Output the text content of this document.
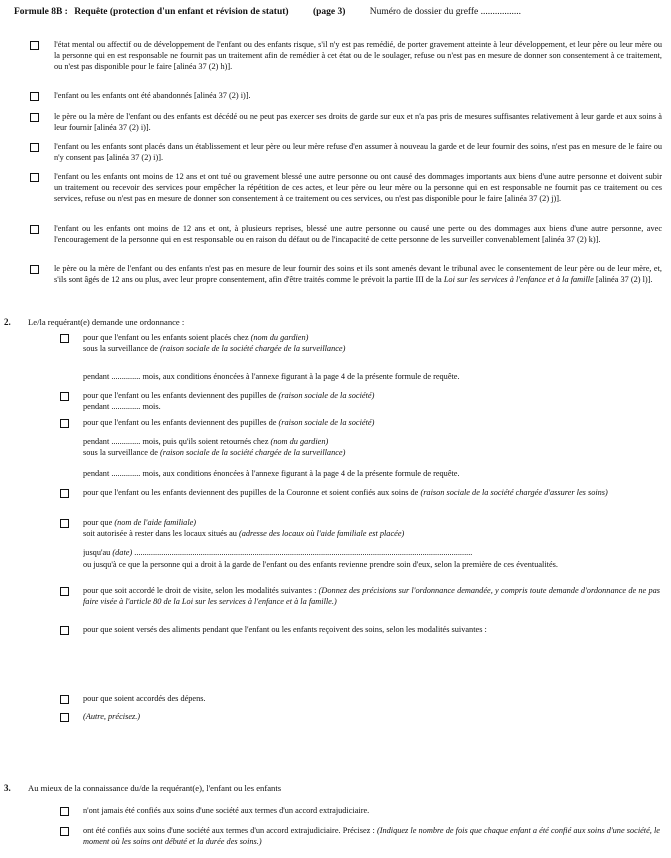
Formule 8B : Requête (protection d'un enfant et révision de statut)	(page 3)	Numéro de dossier du greffe .................
l'état mental ou affectif ou de développement de l'enfant ou des enfants risque, s'il n'y est pas remédié, de porter gravement atteinte à leur développement, et leur père ou leur mère ou la personne qui en est responsable ne fournit pas un traitement afin de remédier à cet état ou de le soulager, refuse ou n'est pas en mesure de donner son consentement à ce traitement, ou n'est pas disponible pour le faire [alinéa 37 (2) h)].
l'enfant ou les enfants ont été abandonnés [alinéa 37 (2) i)].
le père ou la mère de l'enfant ou des enfants est décédé ou ne peut pas exercer ses droits de garde sur eux et n'a pas pris de mesures suffisantes relativement à leur garde et aux soins à leur fournir [alinéa 37 (2) i)].
l'enfant ou les enfants sont placés dans un établissement et leur père ou leur mère refuse d'en assumer à nouveau la garde et de leur fournir des soins, n'est pas en mesure de le faire ou n'y consent pas [alinéa 37 (2) i)].
l'enfant ou les enfants ont moins de 12 ans et ont tué ou gravement blessé une autre personne ou ont causé des dommages importants aux biens d'une autre personne et doivent subir un traitement ou recevoir des services pour empêcher la répétition de ces actes, et leur père ou leur mère ou la personne qui en est responsable ne fournit pas ce traitement ou ces services, refuse ou n'est pas en mesure de donner son consentement à ce traitement ou ces services, ou n'est pas disponible pour le faire [alinéa 37 (2) j)].
l'enfant ou les enfants ont moins de 12 ans et ont, à plusieurs reprises, blessé une autre personne ou causé une perte ou des dommages aux biens d'une autre personne, avec l'encouragement de la personne qui en est responsable ou en raison du défaut ou de l'incapacité de cette personne de les surveiller convenablement [alinéa 37 (2) k)].
le père ou la mère de l'enfant ou des enfants n'est pas en mesure de leur fournir des soins et ils sont amenés devant le tribunal avec le consentement de leur père ou de leur mère, et, s'ils sont âgés de 12 ans ou plus, avec leur propre consentement, afin d'être traités comme le prévoit la partie III de la Loi sur les services à l'enfance et à la famille [alinéa 37 (2) l)].
2. Le/la requérant(e) demande une ordonnance :
pour que l'enfant ou les enfants soient placés chez (nom du gardien)
sous la surveillance de (raison sociale de la société chargée de la surveillance)
pendant .............. mois, aux conditions énoncées à l'annexe figurant à la page 4 de la présente formule de requête.
pour que l'enfant ou les enfants deviennent des pupilles de (raison sociale de la société)
pendant .............. mois.
pour que l'enfant ou les enfants deviennent des pupilles de (raison sociale de la société)
pendant .............. mois, puis qu'ils soient retournés chez (nom du gardien)
sous la surveillance de (raison sociale de la société chargée de la surveillance)
pendant .............. mois, aux conditions énoncées à l'annexe figurant à la page 4 de la présente formule de requête.
pour que l'enfant ou les enfants deviennent des pupilles de la Couronne et soient confiés aux soins de (raison sociale de la société chargée d'assurer les soins)
pour que (nom de l'aide familiale)
soit autorisée à rester dans les locaux situés au (adresse des locaux où l'aide familiale est placée)
jusqu'au (date) ...................................................................................................................................................................
ou jusqu'à ce que la personne qui a droit à la garde de l'enfant ou des enfants revienne prendre soin d'eux, selon la première de ces éventualités.
pour que soit accordé le droit de visite, selon les modalités suivantes : (Donnez des précisions sur l'ordonnance demandée, y compris toute demande d'ordonnance de ne pas faire visée à l'article 80 de la Loi sur les services à l'enfance et à la famille.)
pour que soient versés des aliments pendant que l'enfant ou les enfants reçoivent des soins, selon les modalités suivantes :
pour que soient accordés des dépens.
(Autre, précisez.)
3. Au mieux de la connaissance du/de la requérant(e), l'enfant ou les enfants
n'ont jamais été confiés aux soins d'une société aux termes d'un accord extrajudiciaire.
ont été confiés aux soins d'une société aux termes d'un accord extrajudiciaire. Précisez : (Indiquez le nombre de fois que chaque enfant a été confié aux soins d'une société, le moment où les soins ont débuté et la durée des soins.)
